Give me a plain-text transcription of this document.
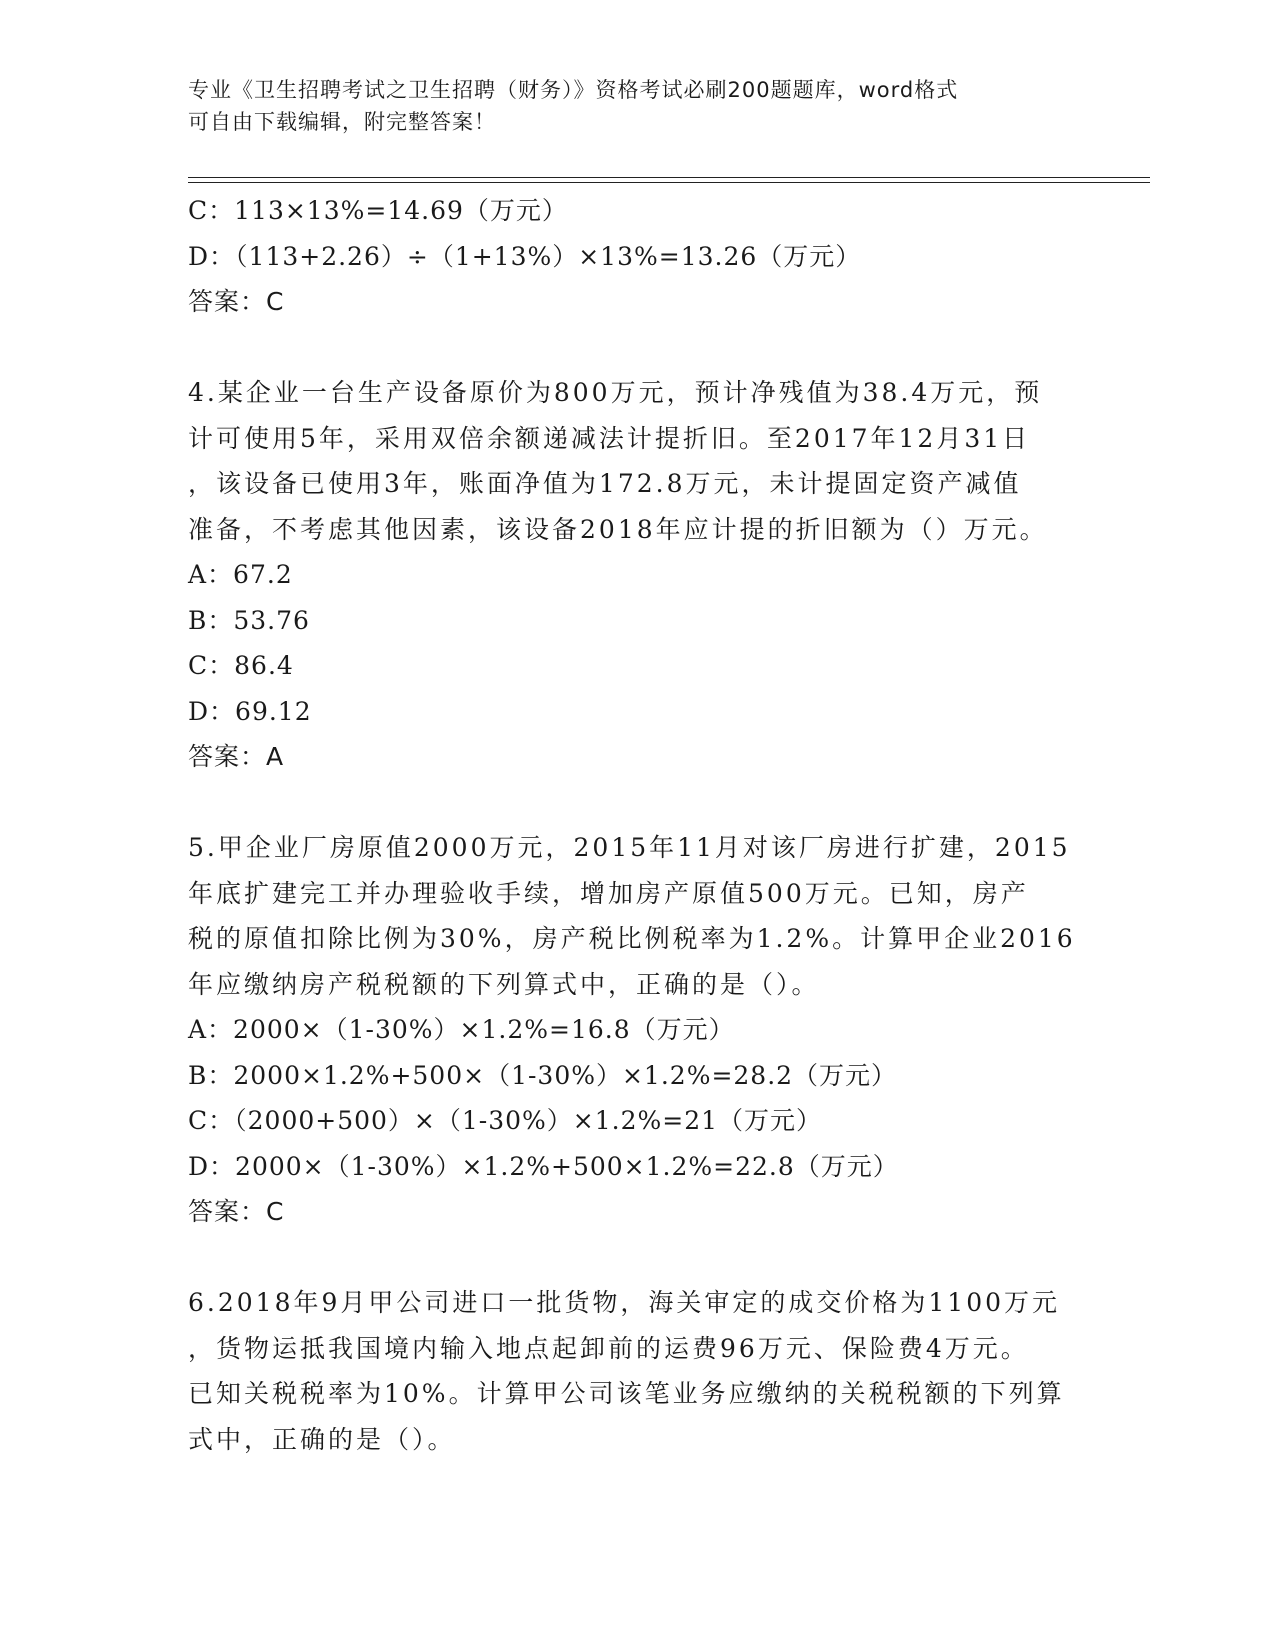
专业《卫生招聘考试之卫生招聘（财务）》资格考试必刷200题题库，word格式
可自由下载编辑，附完整答案！
C：113×13%=14.69（万元）
D：（113+2.26）÷（1+13%）×13%=13.26（万元）
答案：C
4.某企业一台生产设备原价为800万元，预计净残值为38.4万元，预
计可使用5年，采用双倍余额递减法计提折旧。至2017年12月31日
，该设备已使用3年，账面净值为172.8万元，未计提固定资产减值
准备，不考虑其他因素，该设备2018年应计提的折旧额为（）万元。
A：67.2
B：53.76
C：86.4
D：69.12
答案：A
5.甲企业厂房原值2000万元，2015年11月对该厂房进行扩建，2015
年底扩建完工并办理验收手续，增加房产原值500万元。已知，房产
税的原值扣除比例为30%，房产税比例税率为1.2%。计算甲企业2016
年应缴纳房产税税额的下列算式中，正确的是（）。
A：2000×（1-30%）×1.2%=16.8（万元）
B：2000×1.2%+500×（1-30%）×1.2%=28.2（万元）
C：（2000+500）×（1-30%）×1.2%=21（万元）
D：2000×（1-30%）×1.2%+500×1.2%=22.8（万元）
答案：C
6.2018年9月甲公司进口一批货物，海关审定的成交价格为1100万元
，货物运抵我国境内输入地点起卸前的运费96万元、保险费4万元。
已知关税税率为10%。计算甲公司该笔业务应缴纳的关税税额的下列算
式中，正确的是（）。
